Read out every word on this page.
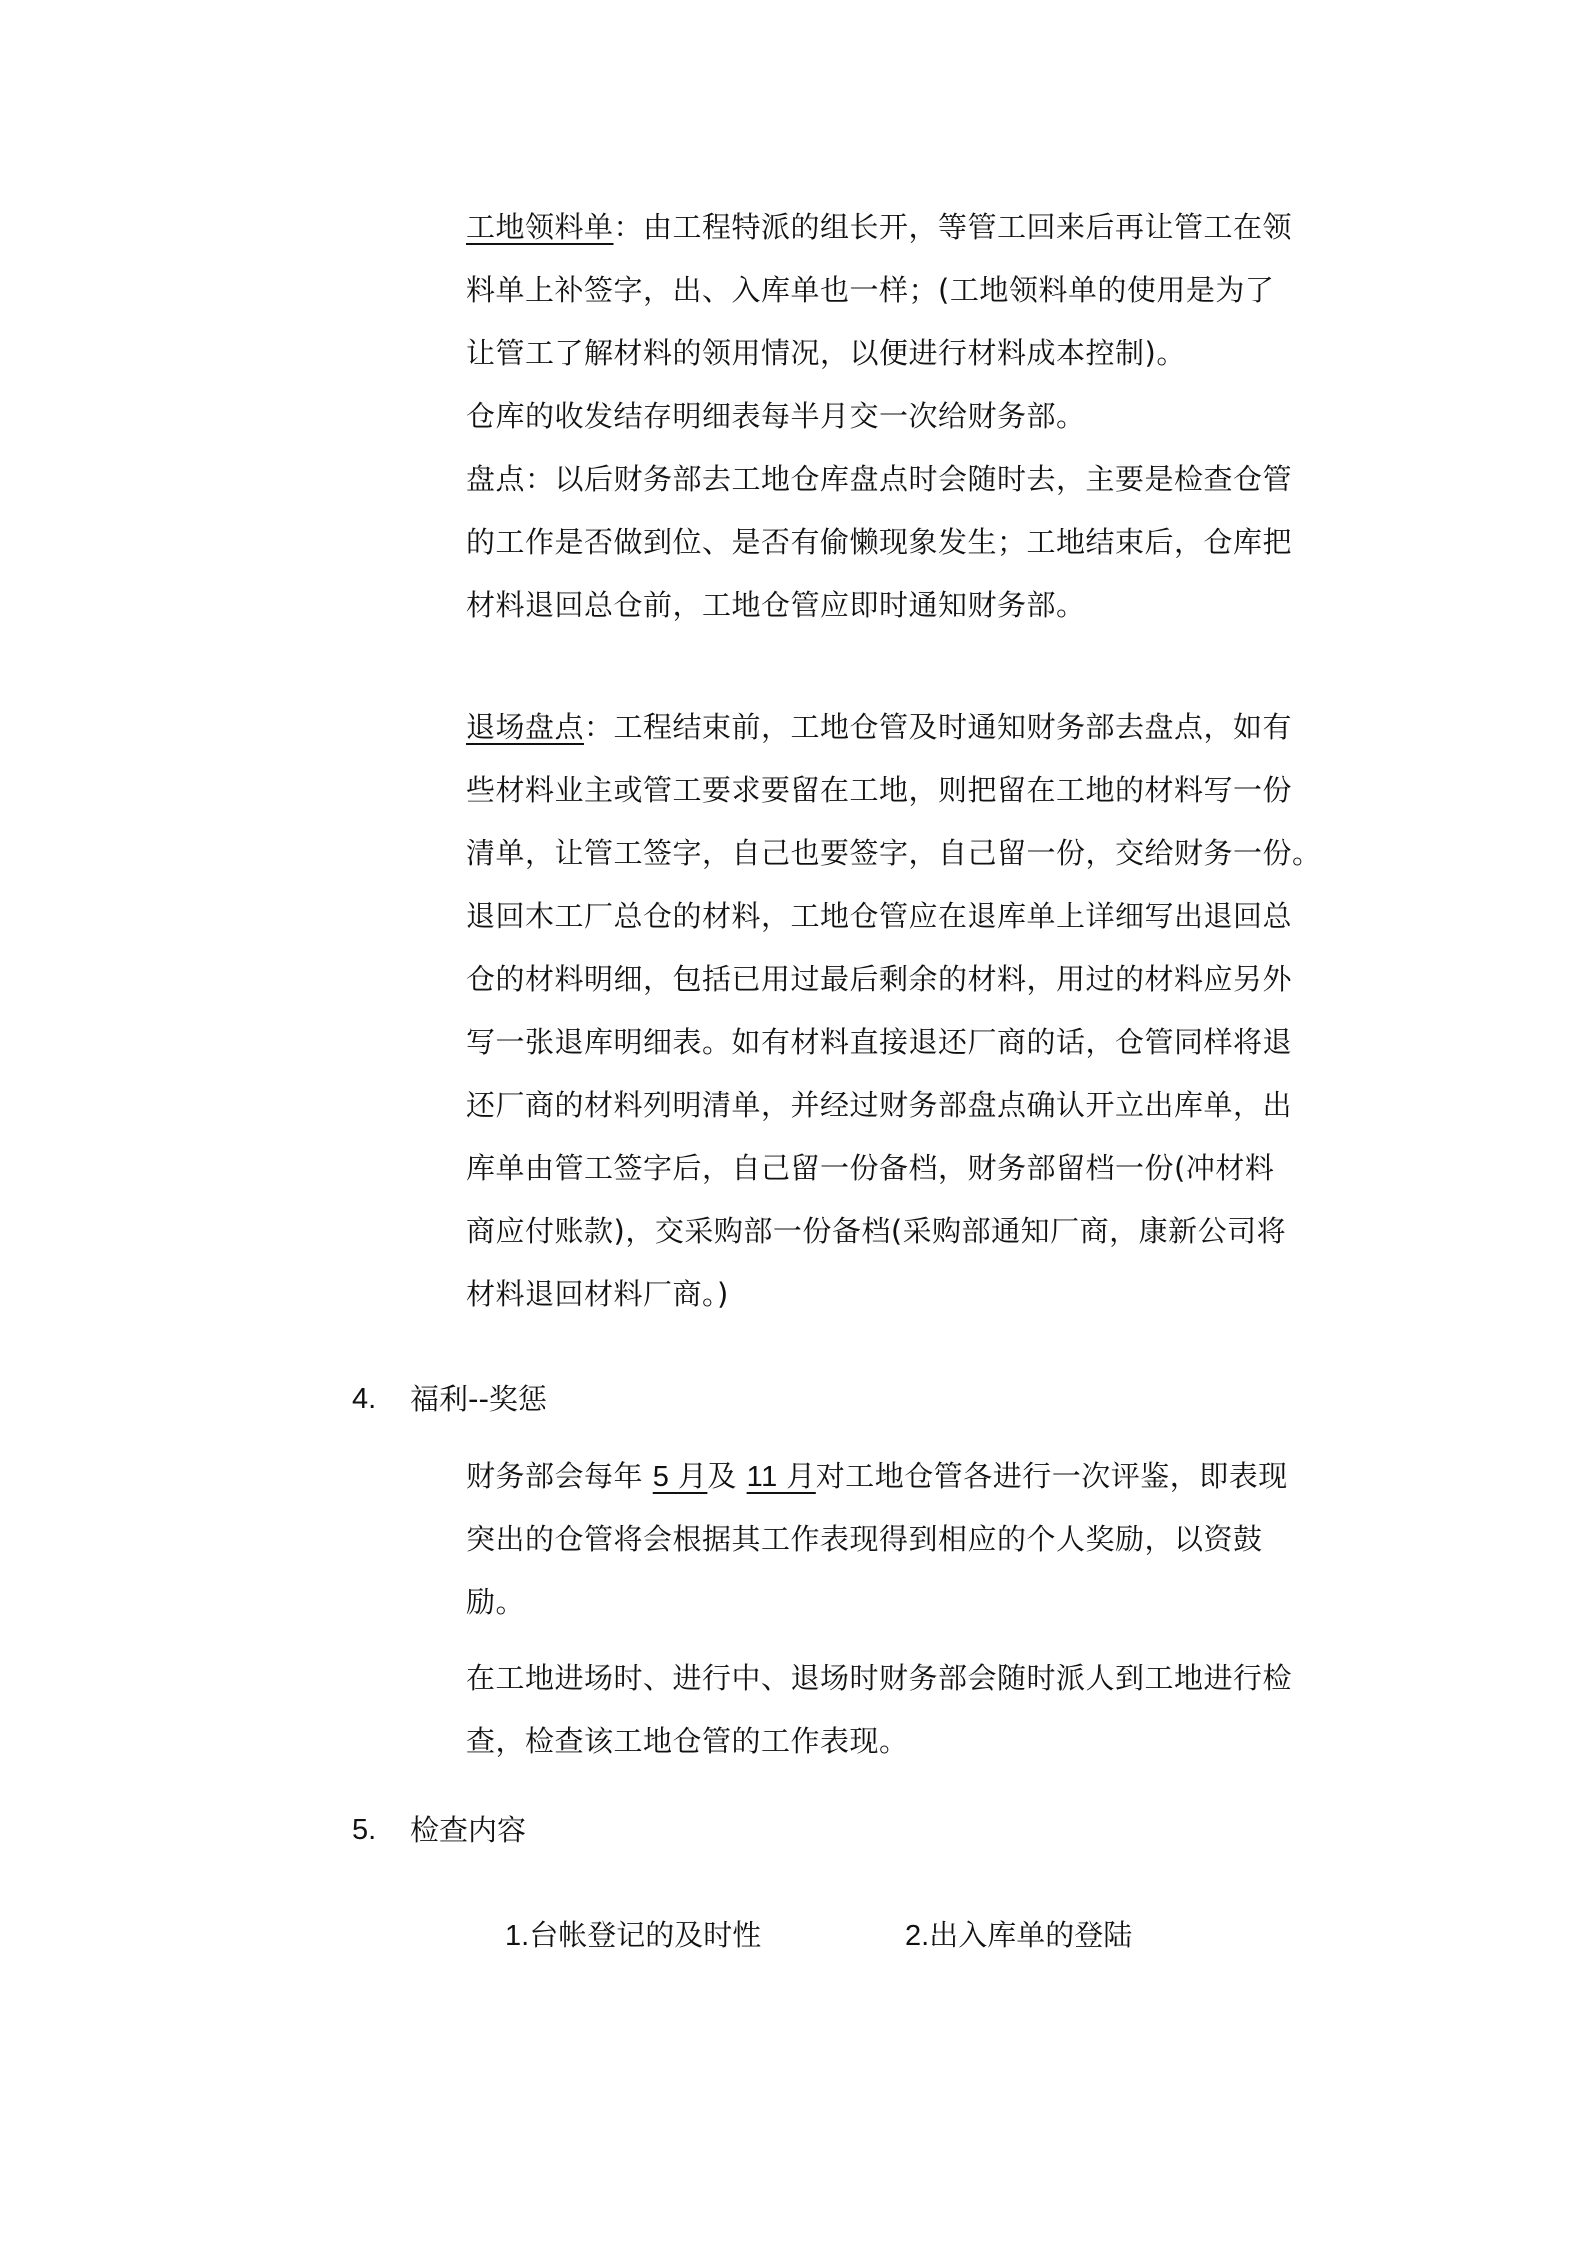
工地领料单：由工程特派的组长开，等管工回来后再让管工在领
料单上补签字，出、入库单也一样；(工地领料单的使用是为了
让管工了解材料的领用情况，以便进行材料成本控制)。
仓库的收发结存明细表每半月交一次给财务部。
盘点：以后财务部去工地仓库盘点时会随时去，主要是检查仓管
的工作是否做到位、是否有偷懒现象发生；工地结束后，仓库把
材料退回总仓前，工地仓管应即时通知财务部。
退场盘点：工程结束前，工地仓管及时通知财务部去盘点，如有
些材料业主或管工要求要留在工地，则把留在工地的材料写一份
清单，让管工签字，自己也要签字，自己留一份，交给财务一份。
退回木工厂总仓的材料，工地仓管应在退库单上详细写出退回总
仓的材料明细，包括已用过最后剩余的材料，用过的材料应另外
写一张退库明细表。如有材料直接退还厂商的话，仓管同样将退
还厂商的材料列明清单，并经过财务部盘点确认开立出库单，出
库单由管工签字后，自己留一份备档，财务部留档一份(冲材料
商应付账款)，交采购部一份备档(采购部通知厂商，康新公司将
材料退回材料厂商。)
4. 福利--奖惩
财务部会每年 5 月及 11 月对工地仓管各进行一次评鉴，即表现
突出的仓管将会根据其工作表现得到相应的个人奖励，以资鼓
励。
在工地进场时、进行中、退场时财务部会随时派人到工地进行检
查，检查该工地仓管的工作表现。
5. 检查内容
1.台帐登记的及时性	2.出入库单的登陆
